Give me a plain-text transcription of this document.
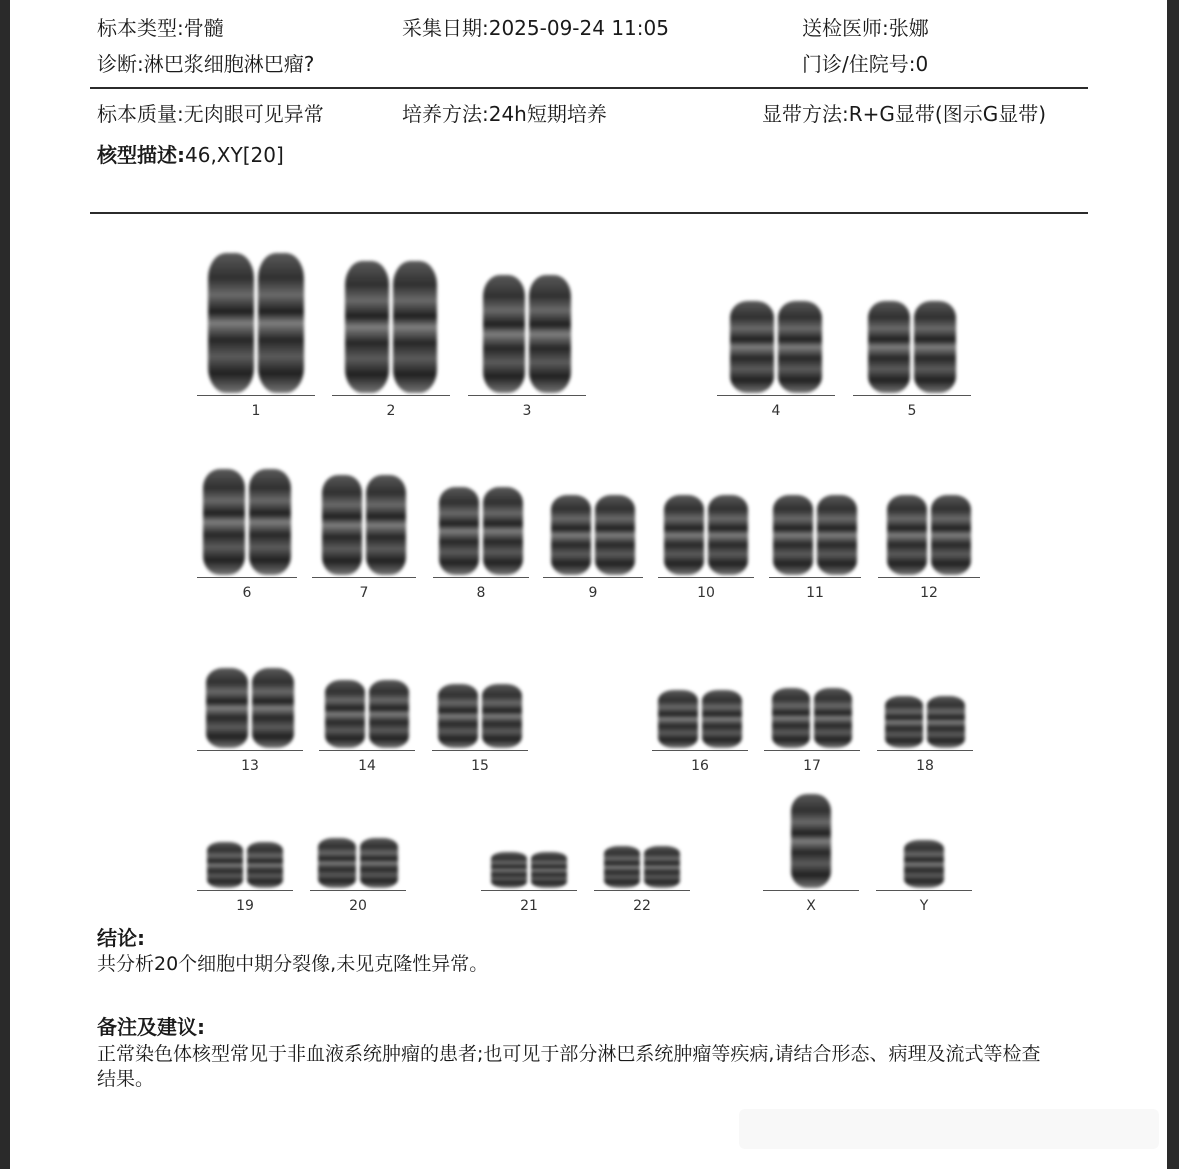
标本类型:骨髓	采集日期:2025-09-24 11:05	送检医师:张娜
诊断:淋巴浆细胞淋巴瘤?	门诊/住院号:0
标本质量:无肉眼可见异常	培养方法:24h短期培养	显带方法:R+G显带(图示G显带)
核型描述:46,XY[20]
1	2	3	4	5
6	7	8	9	10	11	12
13	14	15	16	17	18
19	20	21	22	X	Y
结论:
共分析20个细胞中期分裂像,未见克隆性异常。
备注及建议:
正常染色体核型常见于非血液系统肿瘤的患者;也可见于部分淋巴系统肿瘤等疾病,请结合形态、病理及流式等检查结果。
